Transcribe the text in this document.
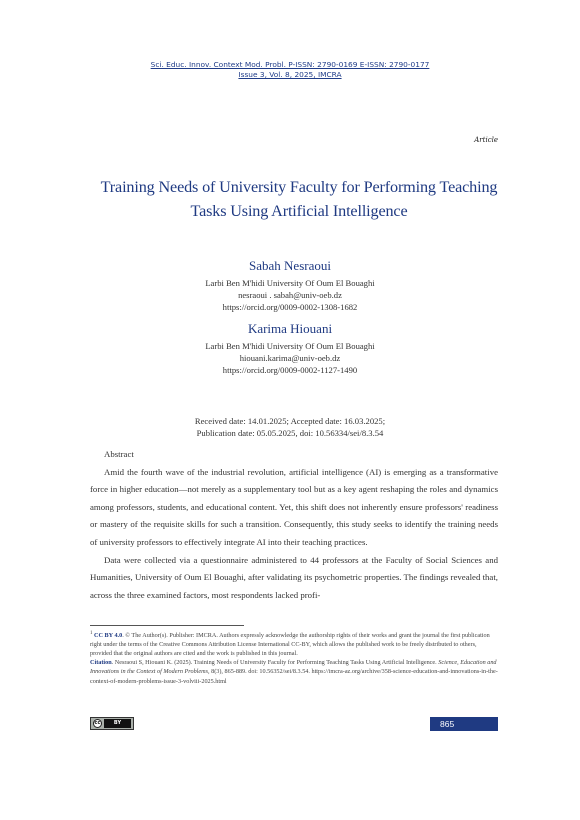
Sci. Educ. Innov. Context Mod. Probl. P-ISSN: 2790-0169 E-ISSN: 2790-0177
Issue 3, Vol. 8, 2025, IMCRA
Article
Training Needs of University Faculty for Performing Teaching Tasks Using Artificial Intelligence
Sabah Nesraoui
Larbi Ben M'hidi University Of Oum El Bouaghi
nesraoui . sabah@univ-oeb.dz
https://orcid.org/0009-0002-1308-1682
Karima Hiouani
Larbi Ben M'hidi University Of Oum El Bouaghi
hiouani.karima@univ-oeb.dz
https://orcid.org/0009-0002-1127-1490
Received date: 14.01.2025; Accepted date: 16.03.2025;
Publication date: 05.05.2025, doi: 10.56334/sei/8.3.54

Abstract

Amid the fourth wave of the industrial revolution, artificial intelligence (AI) is emerging as a transformative force in higher education—not merely as a supplementary tool but as a key agent reshaping the roles and dynamics among professors, students, and educational content. Yet, this shift does not inherently ensure professors' readiness or mastery of the requisite skills for such a transition. Consequently, this study seeks to identify the training needs of university professors to effectively integrate AI into their teaching practices.

Data were collected via a questionnaire administered to 44 professors at the Faculty of Social Sciences and Humanities, University of Oum El Bouaghi, after validating its psychometric properties. The findings revealed that, across the three examined factors, most respondents lacked profi-

$^1$ CC BY 4.0. © The Author(s). Publisher: IMCRA. Authors expressly acknowledge the authorship rights of their works and grant the journal the first publication right under the terms of the Creative Commons Attribution License International CC-BY, which allows the published work to be freely distributed to others, provided that the original authors are cited and the work is published in this journal.
Citation. Nesraoui S, Hiouani K. (2025). Training Needs of University Faculty for Performing Teaching Tasks Using Artificial Intelligence. Science, Education and Innovations in the Context of Modern Problems, 8(3), 865-889. doi: 10.56352/sei/8.3.54. https://imcra-az.org/archive/358-science-education-and-innovations-in-the-context-of-modern-problems-issue-3-volviii-2025.html
cc	BY	865
